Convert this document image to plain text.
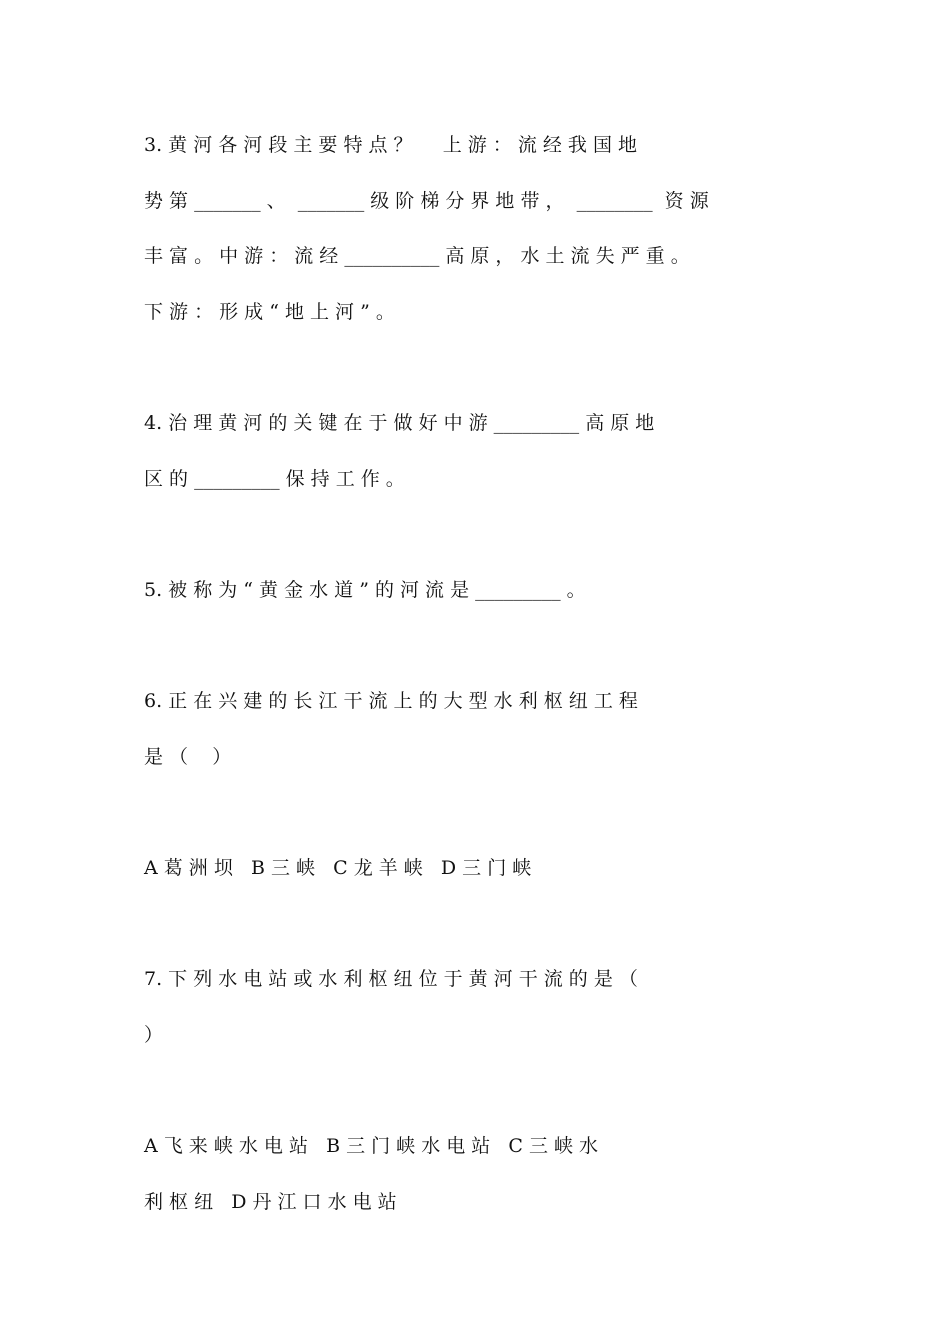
3. 黄 河 各 河 段 主 要 特 点 ？     上 游 ： 流 经 我 国 地
势 第 _______ 、  _______ 级 阶 梯 分 界 地 带 ，  ________  资 源
丰 富 。 中 游 ： 流 经 __________ 高 原 ， 水 土 流 失 严 重 。
下 游 ： 形 成 “ 地 上 河 ” 。
4. 治 理 黄 河 的 关 键 在 于 做 好 中 游 _________ 高 原 地
区 的 _________ 保 持 工 作 。
5. 被 称 为 “ 黄 金 水 道 ” 的 河 流 是 _________ 。
6. 正 在 兴 建 的 长 江 干 流 上 的 大 型 水 利 枢 纽 工 程
是 （    ）
A 葛 洲 坝   B 三 峡   C 龙 羊 峡   D 三 门 峡
7. 下 列 水 电 站 或 水 利 枢 纽 位 于 黄 河 干 流 的 是 （
）
A 飞 来 峡 水 电 站   B 三 门 峡 水 电 站   C 三 峡 水
利 枢 纽   D 丹 江 口 水 电 站
